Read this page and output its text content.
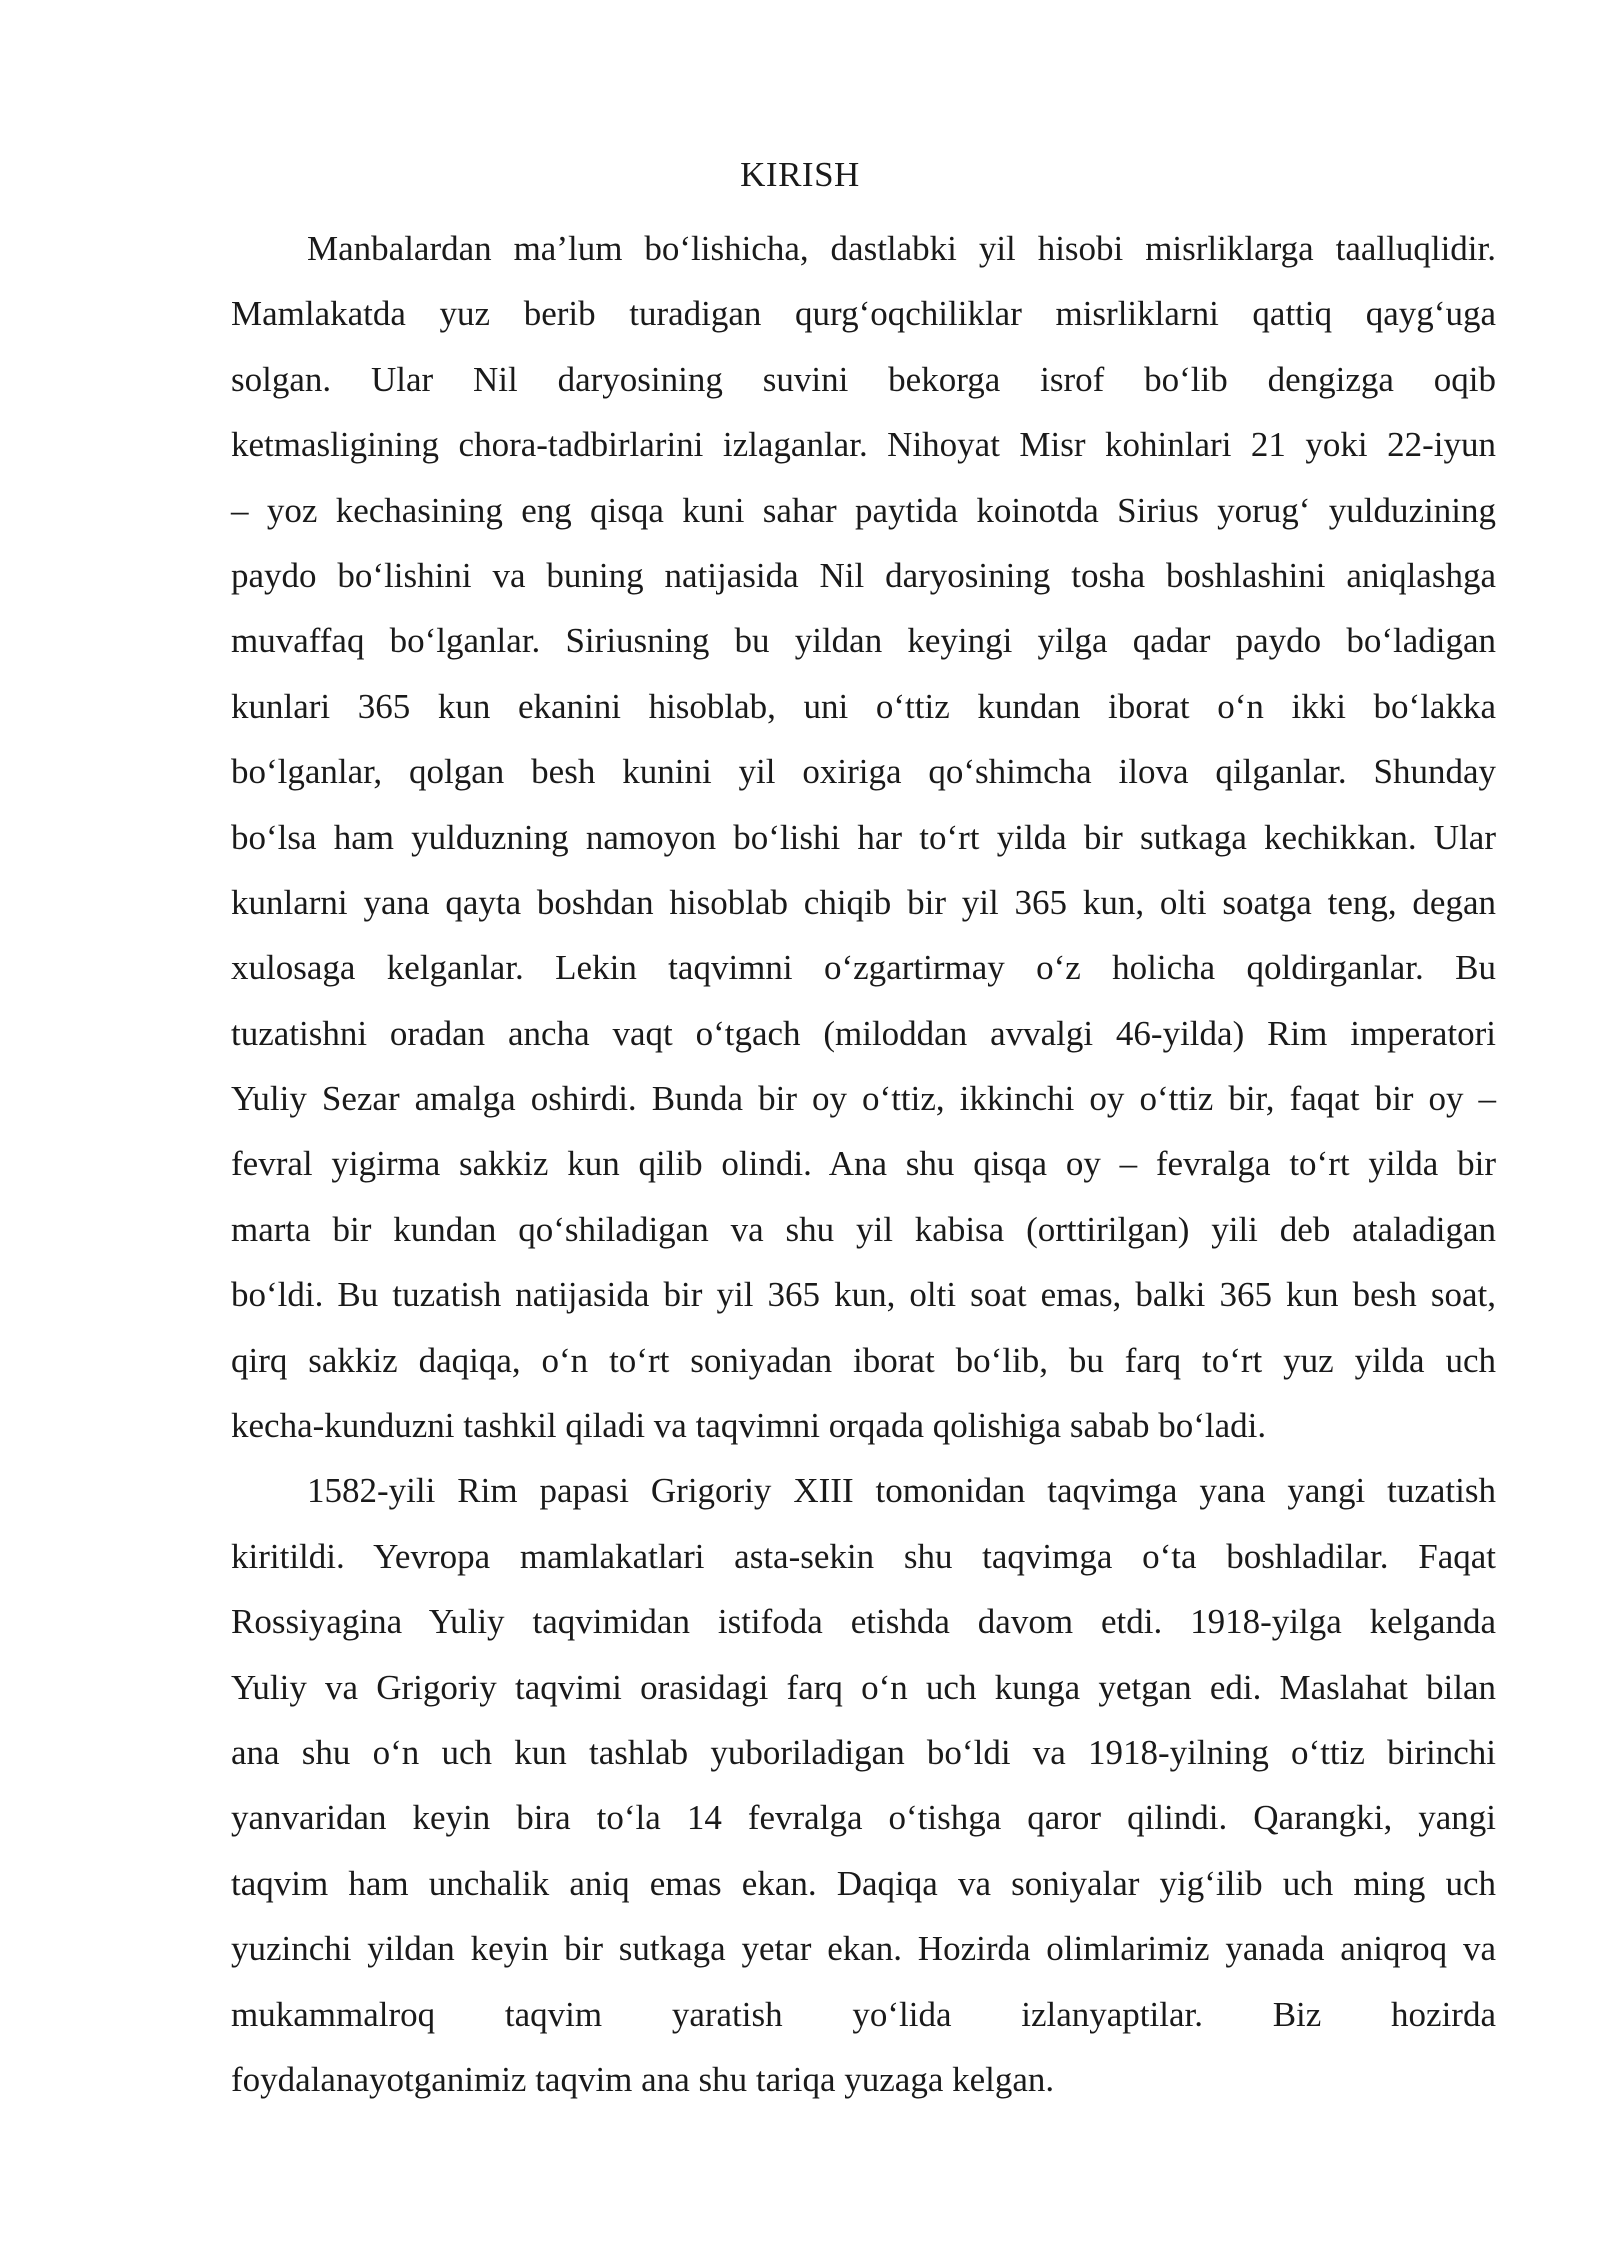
KIRISH
Manbalardan ma’lum bo‘lishicha, dastlabki yil hisobi misrliklarga taalluqlidir.
Mamlakatda yuz berib turadigan qurg‘oqchiliklar misrliklarni qattiq qayg‘uga
solgan. Ular Nil daryosining suvini bekorga isrof bo‘lib dengizga oqib
ketmasligining chora-tadbirlarini izlaganlar. Nihoyat Misr kohinlari 21 yoki 22-iyun
– yoz kechasining eng qisqa kuni sahar paytida koinotda Sirius yorug‘ yulduzining
paydo bo‘lishini va buning natijasida Nil daryosining tosha boshlashini aniqlashga
muvaffaq bo‘lganlar. Siriusning bu yildan keyingi yilga qadar paydo bo‘ladigan
kunlari 365 kun ekanini hisoblab, uni o‘ttiz kundan iborat o‘n ikki bo‘lakka
bo‘lganlar, qolgan besh kunini yil oxiriga qo‘shimcha ilova qilganlar. Shunday
bo‘lsa ham yulduzning namoyon bo‘lishi har to‘rt yilda bir sutkaga kechikkan. Ular
kunlarni yana qayta boshdan hisoblab chiqib bir yil 365 kun, olti soatga teng, degan
xulosaga kelganlar. Lekin taqvimni o‘zgartirmay o‘z holicha qoldirganlar. Bu
tuzatishni oradan ancha vaqt o‘tgach (miloddan avvalgi 46-yilda) Rim imperatori
Yuliy Sezar amalga oshirdi. Bunda bir oy o‘ttiz, ikkinchi oy o‘ttiz bir, faqat bir oy –
fevral yigirma sakkiz kun qilib olindi. Ana shu qisqa oy – fevralga to‘rt yilda bir
marta bir kundan qo‘shiladigan va shu yil kabisa (orttirilgan) yili deb ataladigan
bo‘ldi. Bu tuzatish natijasida bir yil 365 kun, olti soat emas, balki 365 kun besh soat,
qirq sakkiz daqiqa, o‘n to‘rt soniyadan iborat bo‘lib, bu farq to‘rt yuz yilda uch
kecha-kunduzni tashkil qiladi va taqvimni orqada qolishiga sabab bo‘ladi.
1582-yili Rim papasi Grigoriy XIII tomonidan taqvimga yana yangi tuzatish
kiritildi. Yevropa mamlakatlari asta-sekin shu taqvimga o‘ta boshladilar. Faqat
Rossiyagina Yuliy taqvimidan istifoda etishda davom etdi. 1918-yilga kelganda
Yuliy va Grigoriy taqvimi orasidagi farq o‘n uch kunga yetgan edi. Maslahat bilan
ana shu o‘n uch kun tashlab yuboriladigan bo‘ldi va 1918-yilning o‘ttiz birinchi
yanvaridan keyin bira to‘la 14 fevralga o‘tishga qaror qilindi. Qarangki, yangi
taqvim ham unchalik aniq emas ekan. Daqiqa va soniyalar yig‘ilib uch ming uch
yuzinchi yildan keyin bir sutkaga yetar ekan. Hozirda olimlarimiz yanada aniqroq va
mukammalroq taqvim yaratish yo‘lida izlanyaptilar. Biz hozirda
foydalanayotganimiz taqvim ana shu tariqa yuzaga kelgan.
